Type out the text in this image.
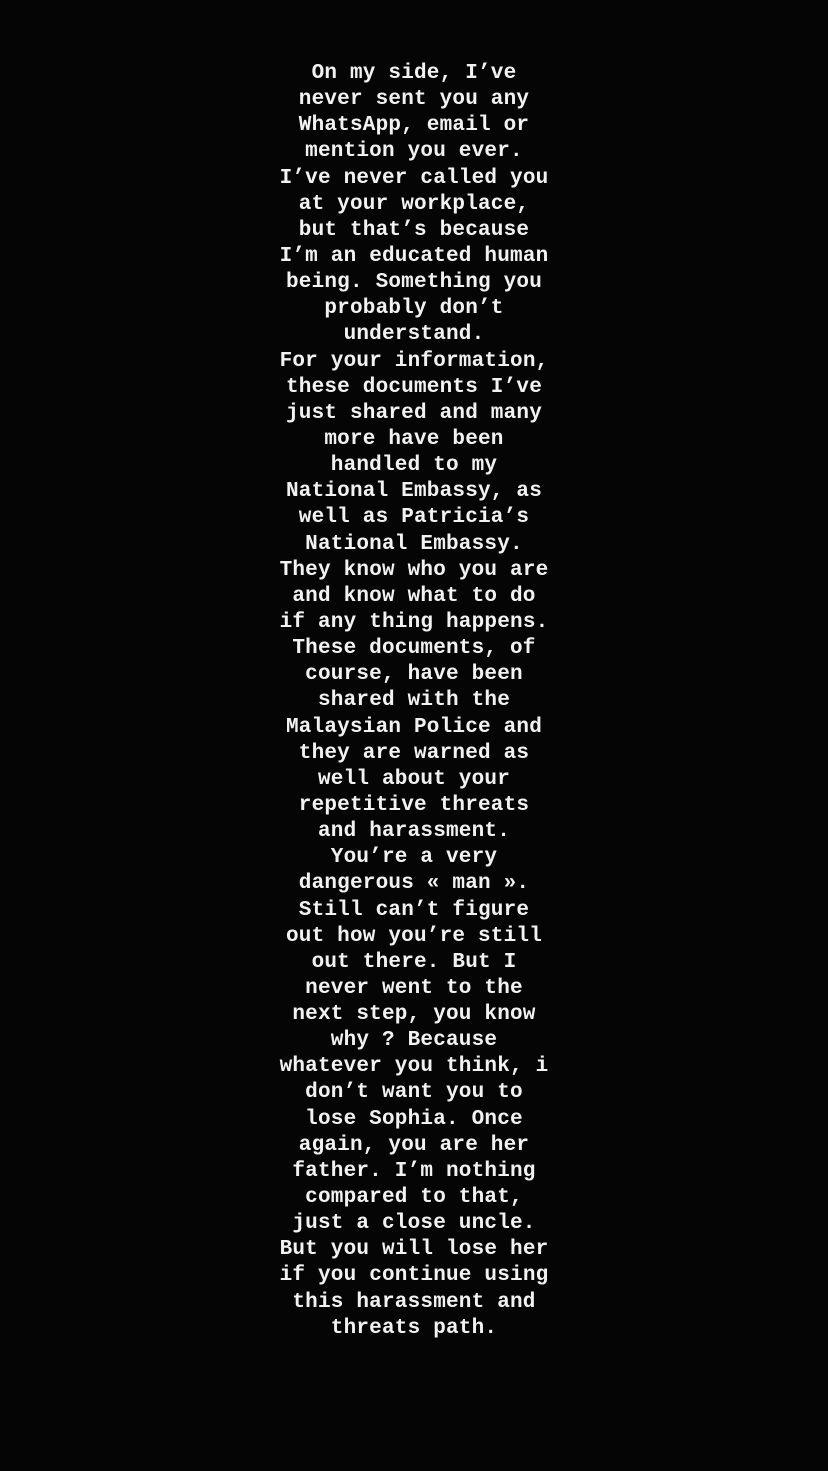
On my side, I’ve
never sent you any
WhatsApp, email or
mention you ever.
I’ve never called you
at your workplace,
but that’s because
I’m an educated human
being. Something you
probably don’t
understand.
For your information,
these documents I’ve
just shared and many
more have been
handled to my
National Embassy, as
well as Patricia’s
National Embassy.
They know who you are
and know what to do
if any thing happens.
These documents, of
course, have been
shared with the
Malaysian Police and
they are warned as
well about your
repetitive threats
and harassment.
You’re a very
dangerous « man ».
Still can’t figure
out how you’re still
out there. But I
never went to the
next step, you know
why ? Because
whatever you think, i
don’t want you to
lose Sophia. Once
again, you are her
father. I’m nothing
compared to that,
just a close uncle.
But you will lose her
if you continue using
this harassment and
threats path.
